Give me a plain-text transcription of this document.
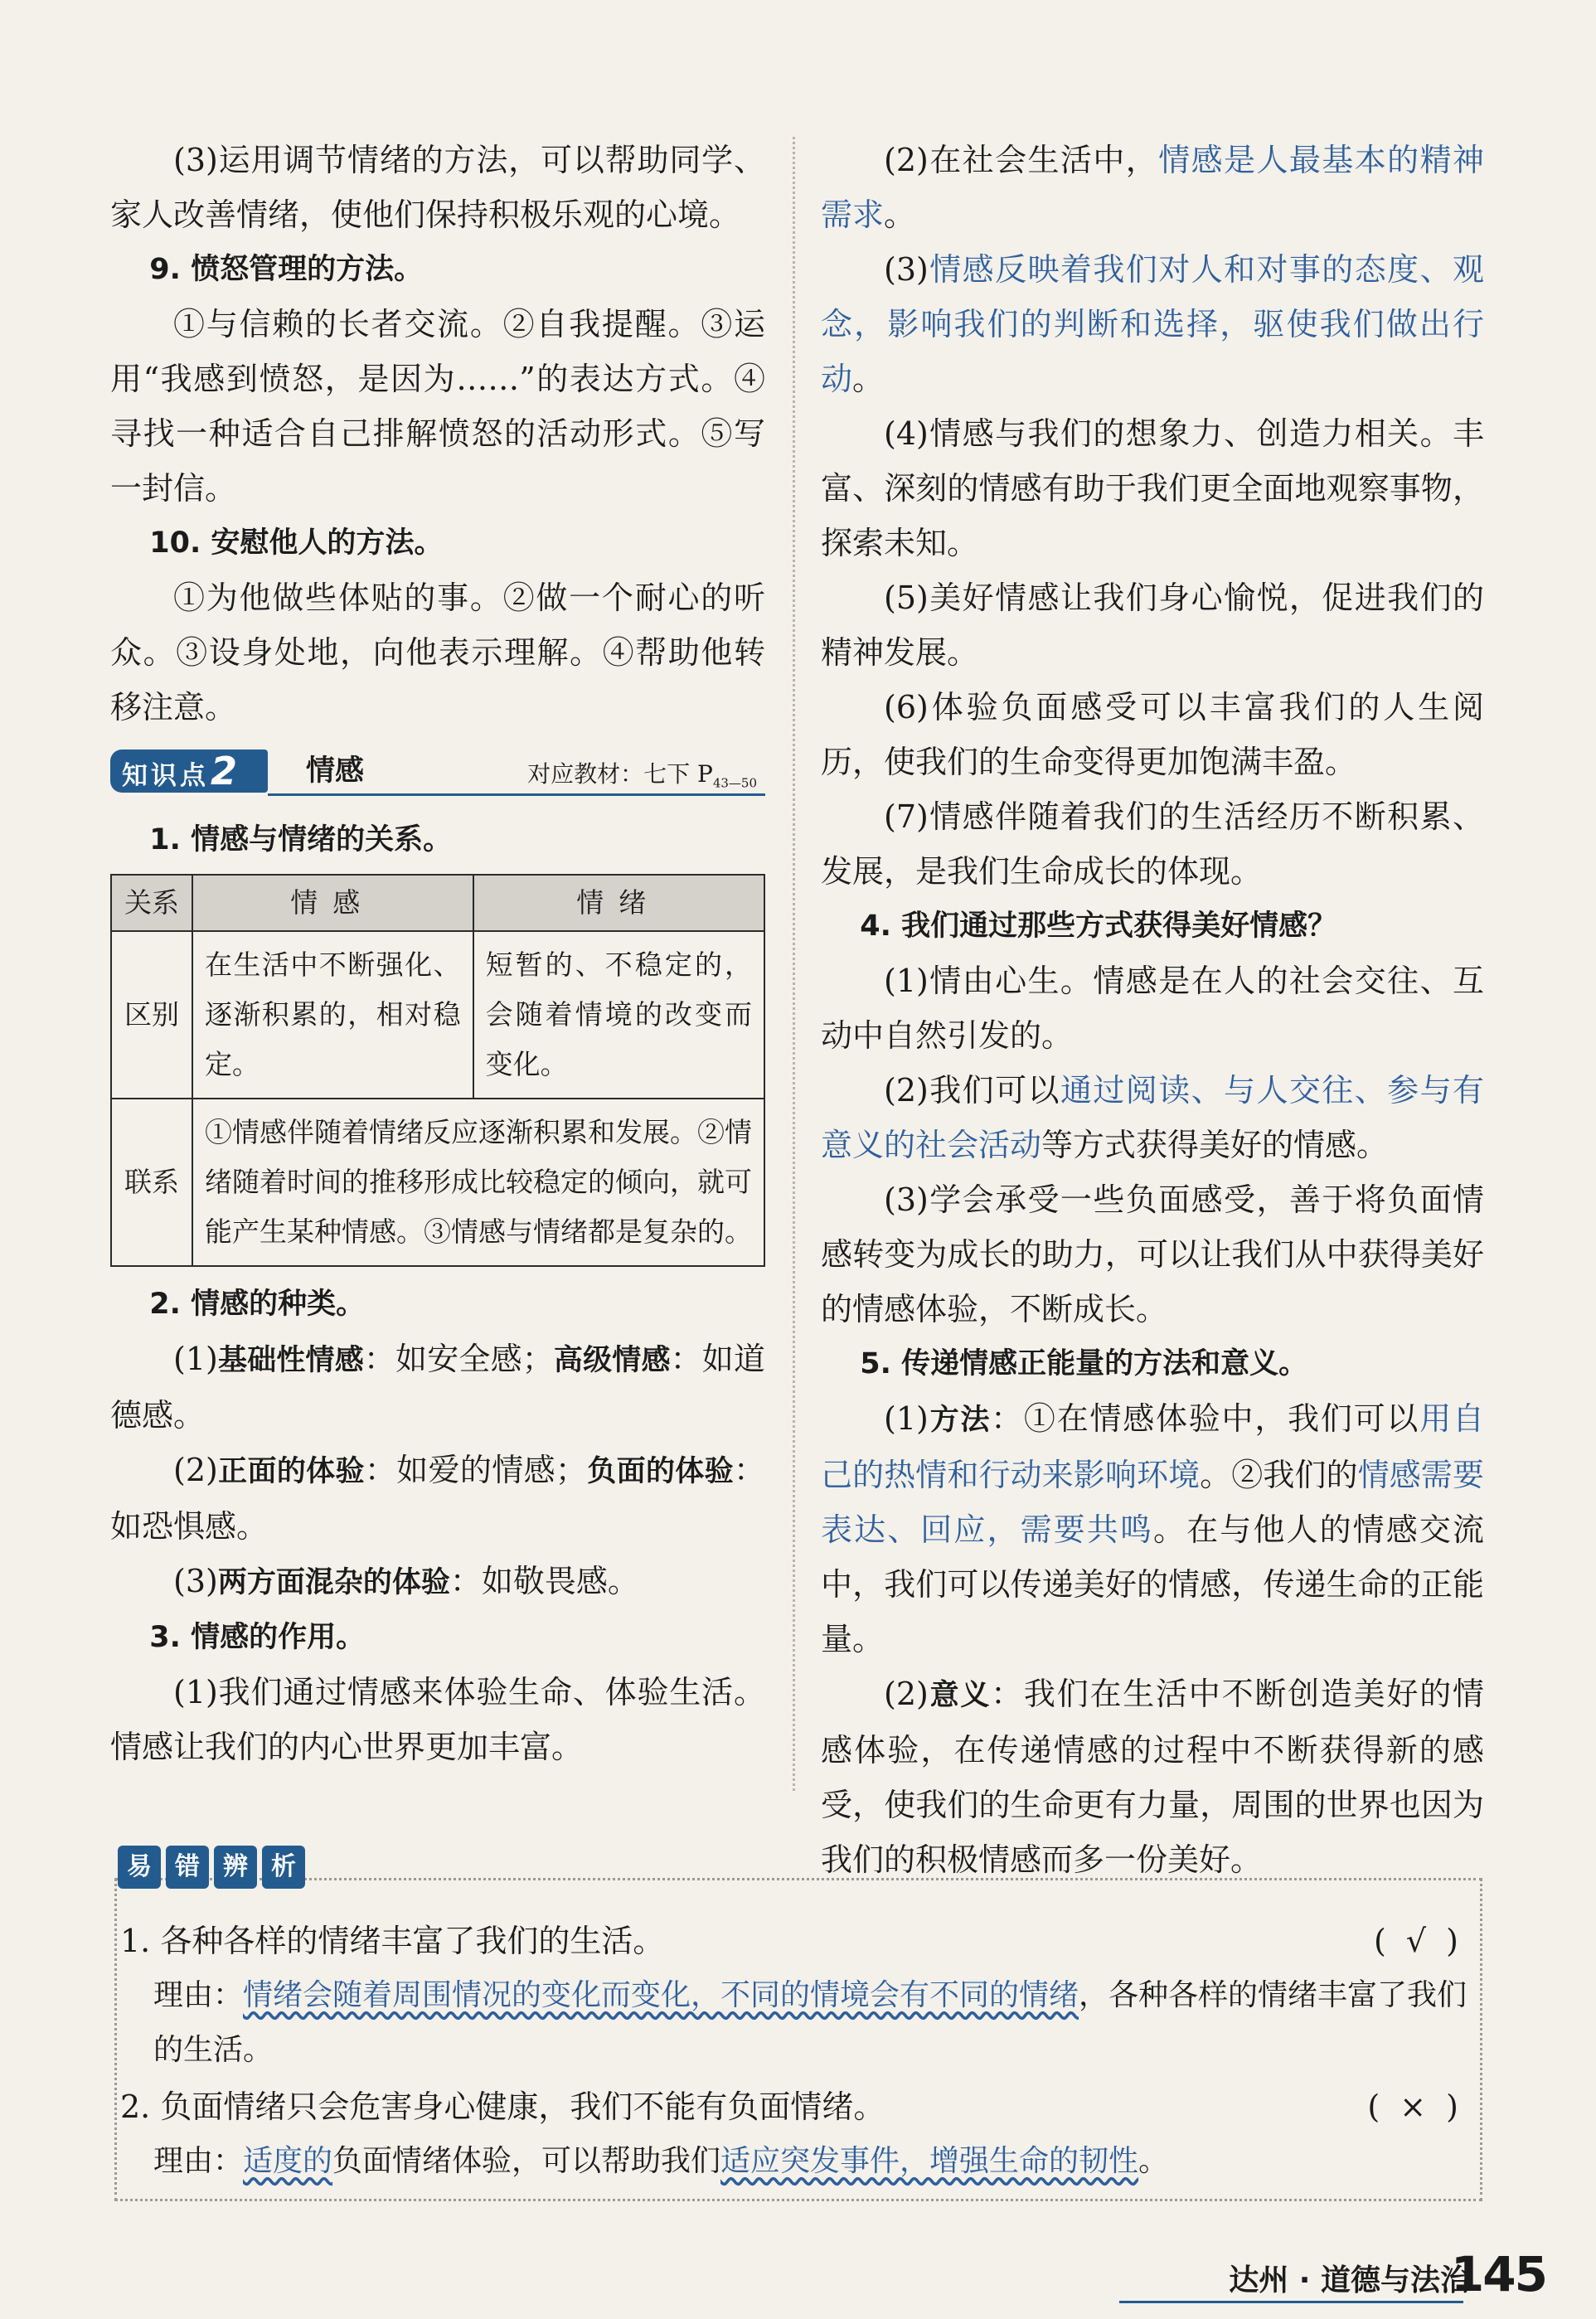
(3)运用调节情绪的方法，可以帮助同学、家人改善情绪，使他们保持积极乐观的心境。

9. 愤怒管理的方法。

①与信赖的长者交流。②自我提醒。③运用“我感到愤怒，是因为……”的表达方式。④寻找一种适合自己排解愤怒的活动形式。⑤写一封信。

10. 安慰他人的方法。

①为他做些体贴的事。②做一个耐心的听众。③设身处地，向他表示理解。④帮助他转移注意。

知识点2	情感	对应教材：七下 $P_{43—50}$

1. 情感与情绪的关系。

关系	情感	情绪
区别	在生活中不断强化、逐渐积累的，相对稳定。	短暂的、不稳定的，会随着情境的改变而变化。
联系	①情感伴随着情绪反应逐渐积累和发展。②情绪随着时间的推移形成比较稳定的倾向，就可能产生某种情感。③情感与情绪都是复杂的。	

2. 情感的种类。

(1)基础性情感：如安全感；高级情感：如道德感。

(2)正面的体验：如爱的情感；负面的体验：如恐惧感。

(3)两方面混杂的体验：如敬畏感。

3. 情感的作用。

(1)我们通过情感来体验生命、体验生活。情感让我们的内心世界更加丰富。

(2)在社会生活中，情感是人最基本的精神需求。

(3)情感反映着我们对人和对事的态度、观念，影响我们的判断和选择，驱使我们做出行动。

(4)情感与我们的想象力、创造力相关。丰富、深刻的情感有助于我们更全面地观察事物，探索未知。

(5)美好情感让我们身心愉悦，促进我们的精神发展。

(6)体验负面感受可以丰富我们的人生阅历，使我们的生命变得更加饱满丰盈。

(7)情感伴随着我们的生活经历不断积累、发展，是我们生命成长的体现。

4. 我们通过那些方式获得美好情感？

(1)情由心生。情感是在人的社会交往、互动中自然引发的。

(2)我们可以通过阅读、与人交往、参与有意义的社会活动等方式获得美好的情感。

(3)学会承受一些负面感受，善于将负面情感转变为成长的助力，可以让我们从中获得美好的情感体验，不断成长。

5. 传递情感正能量的方法和意义。

(1)方法：①在情感体验中，我们可以用自己的热情和行动来影响环境。②我们的情感需要表达、回应，需要共鸣。在与他人的情感交流中，我们可以传递美好的情感，传递生命的正能量。

(2)意义：我们在生活中不断创造美好的情感体验，在传递情感的过程中不断获得新的感受，使我们的生命更有力量，周围的世界也因为我们的积极情感而多一份美好。

易 错 辨 析
1. 各种各样的情绪丰富了我们的生活。	( √ )
理由：情绪会随着周围情况的变化而变化，不同的情境会有不同的情绪，各种各样的情绪丰富了我们的生活。
2. 负面情绪只会危害身心健康，我们不能有负面情绪。	( × )
理由：适度的负面情绪体验，可以帮助我们适应突发事件，增强生命的韧性。
达州 · 道德与法治
145
